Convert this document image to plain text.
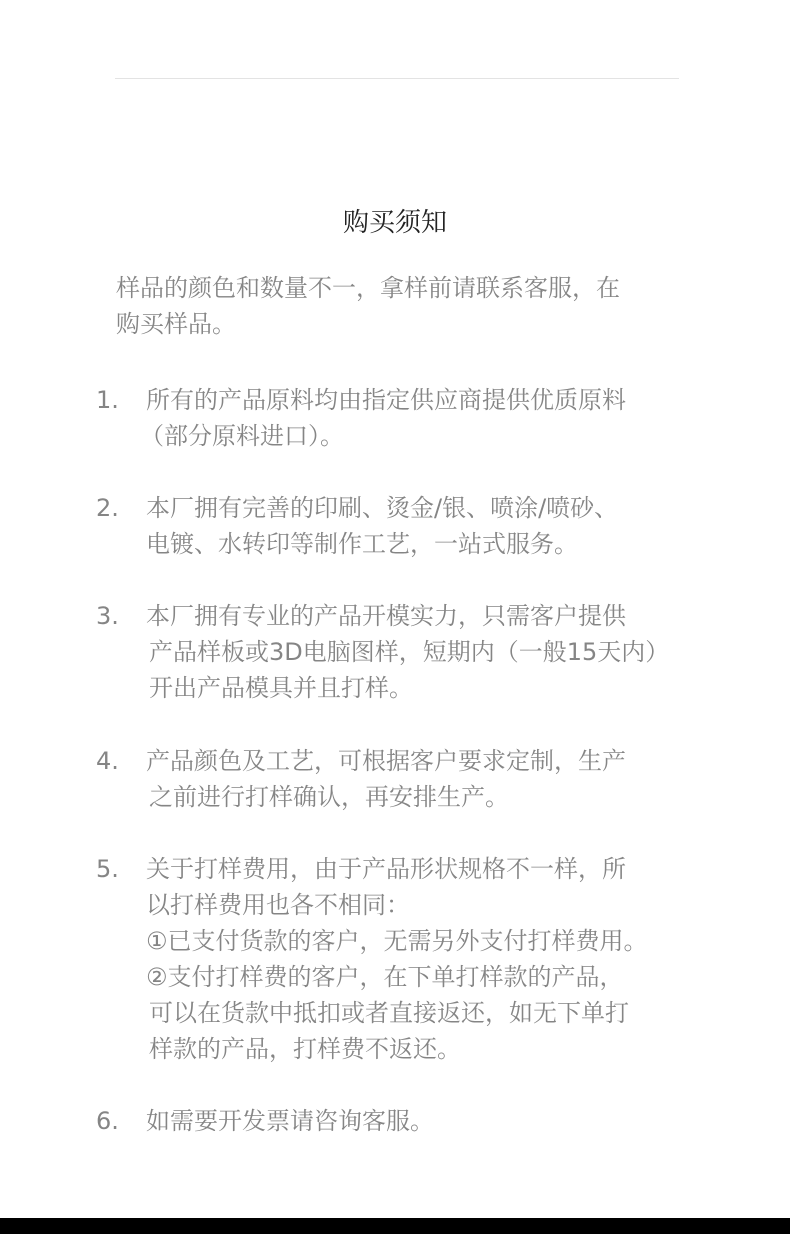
购买须知
样品的颜色和数量不一，拿样前请联系客服，在
购买样品。
1.	所有的产品原料均由指定供应商提供优质原料
（部分原料进口）。
2.	本厂拥有完善的印刷、烫金/银、喷涂/喷砂、
电镀、水转印等制作工艺，一站式服务。
3.	本厂拥有专业的产品开模实力，只需客户提供
产品样板或3D电脑图样，短期内（一般15天内）
开出产品模具并且打样。
4.	产品颜色及工艺，可根据客户要求定制，生产
之前进行打样确认，再安排生产。
5.	关于打样费用，由于产品形状规格不一样，所
以打样费用也各不相同：
①已支付货款的客户，无需另外支付打样费用。
②支付打样费的客户，在下单打样款的产品，
可以在货款中抵扣或者直接返还，如无下单打
样款的产品，打样费不返还。
6.	如需要开发票请咨询客服。
